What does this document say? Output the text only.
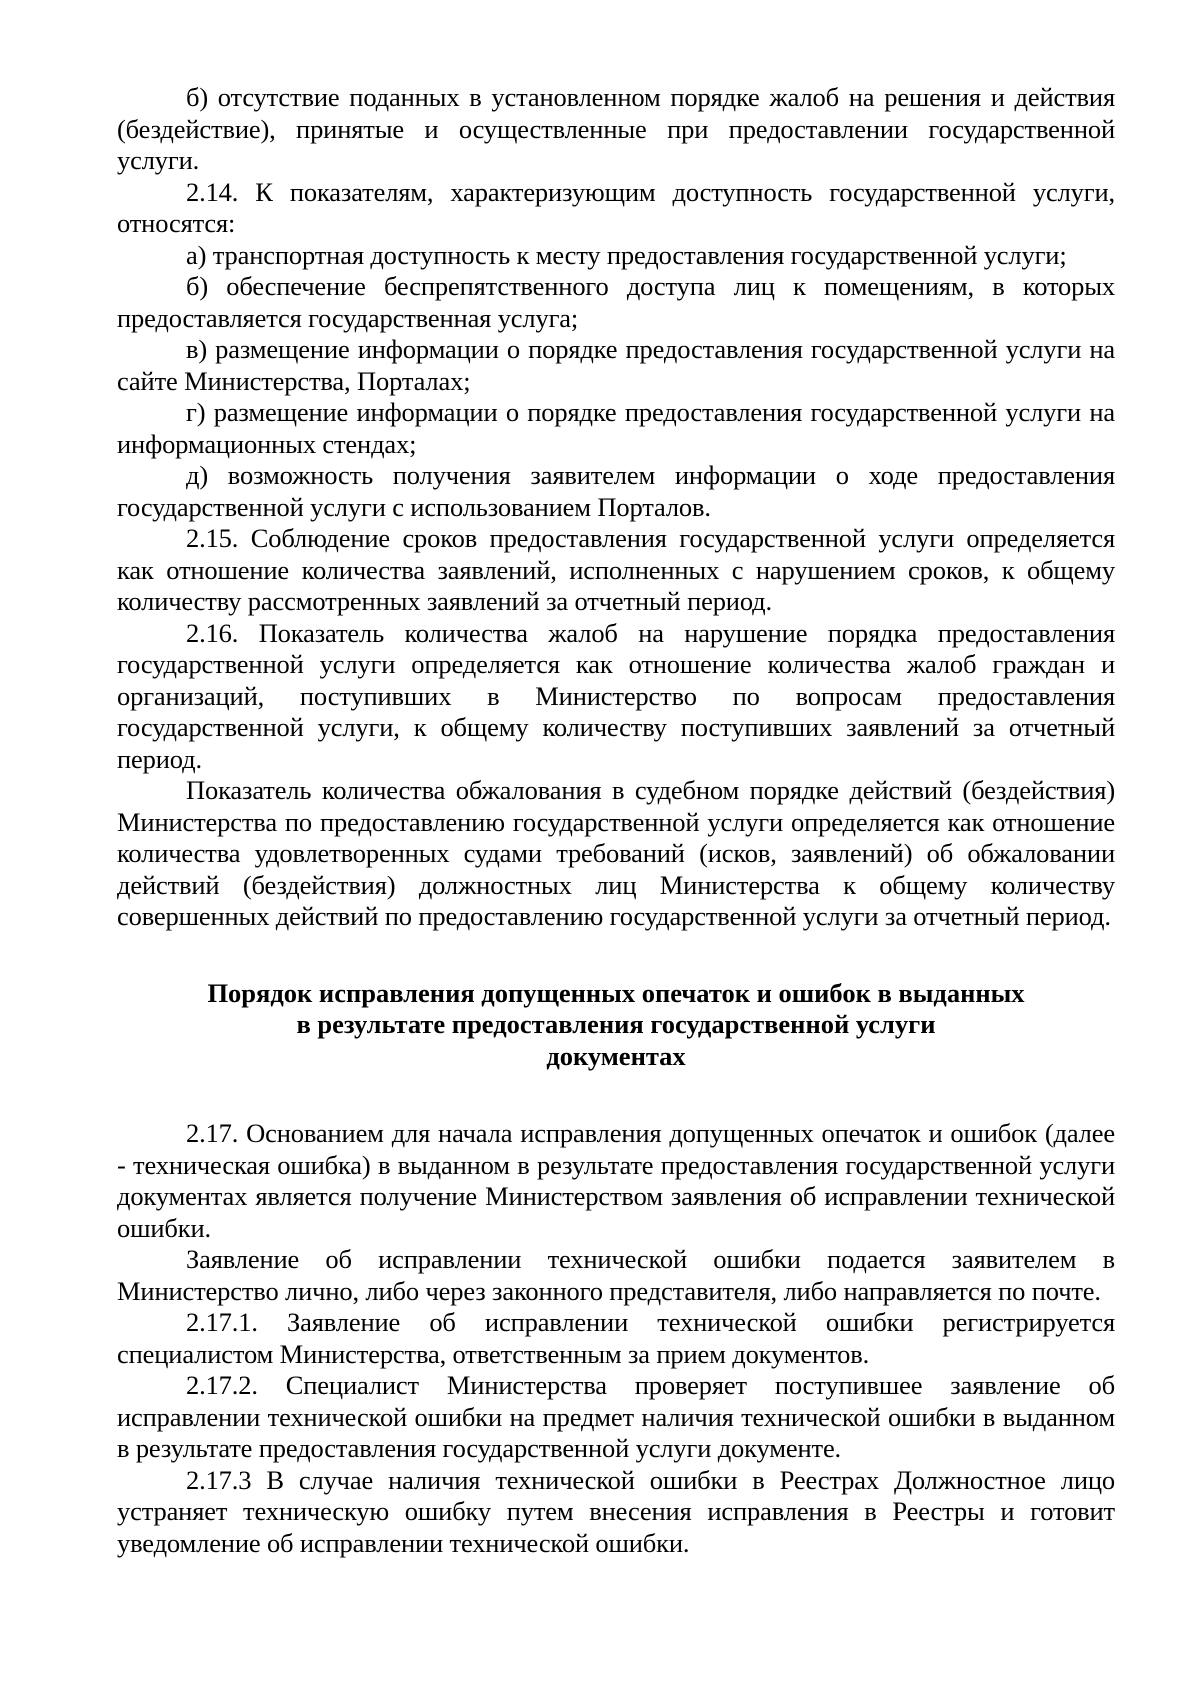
б) отсутствие поданных в установленном порядке жалоб на решения и действия (бездействие), принятые и осуществленные при предоставлении государственной услуги.

2.14. К показателям, характеризующим доступность государственной услуги, относятся:

а) транспортная доступность к месту предоставления государственной услуги;

б) обеспечение беспрепятственного доступа лиц к помещениям, в которых предоставляется государственная услуга;

в) размещение информации о порядке предоставления государственной услуги на сайте Министерства, Порталах;

г) размещение информации о порядке предоставления государственной услуги на информационных стендах;

д) возможность получения заявителем информации о ходе предоставления государственной услуги с использованием Порталов.

2.15. Соблюдение сроков предоставления государственной услуги определяется как отношение количества заявлений, исполненных с нарушением сроков, к общему количеству рассмотренных заявлений за отчетный период.

2.16. Показатель количества жалоб на нарушение порядка предоставления государственной услуги определяется как отношение количества жалоб граждан и организаций, поступивших в Министерство по вопросам предоставления государственной услуги, к общему количеству поступивших заявлений за отчетный период.

Показатель количества обжалования в судебном порядке действий (бездействия) Министерства по предоставлению государственной услуги определяется как отношение количества удовлетворенных судами требований (исков, заявлений) об обжаловании действий (бездействия) должностных лиц Министерства к общему количеству совершенных действий по предоставлению государственной услуги за отчетный период.

Порядок исправления допущенных опечаток и ошибок в выданных
в результате предоставления государственной услуги
документах

2.17. Основанием для начала исправления допущенных опечаток и ошибок (далее - техническая ошибка) в выданном в результате предоставления государственной услуги документах является получение Министерством заявления об исправлении технической ошибки.

Заявление об исправлении технической ошибки подается заявителем в Министерство лично, либо через законного представителя, либо направляется по почте.

2.17.1. Заявление об исправлении технической ошибки регистрируется специалистом Министерства, ответственным за прием документов.

2.17.2. Специалист Министерства проверяет поступившее заявление об исправлении технической ошибки на предмет наличия технической ошибки в выданном в результате предоставления государственной услуги документе.

2.17.3 В случае наличия технической ошибки в Реестрах Должностное лицо устраняет техническую ошибку путем внесения исправления в Реестры и готовит уведомление об исправлении технической ошибки.
